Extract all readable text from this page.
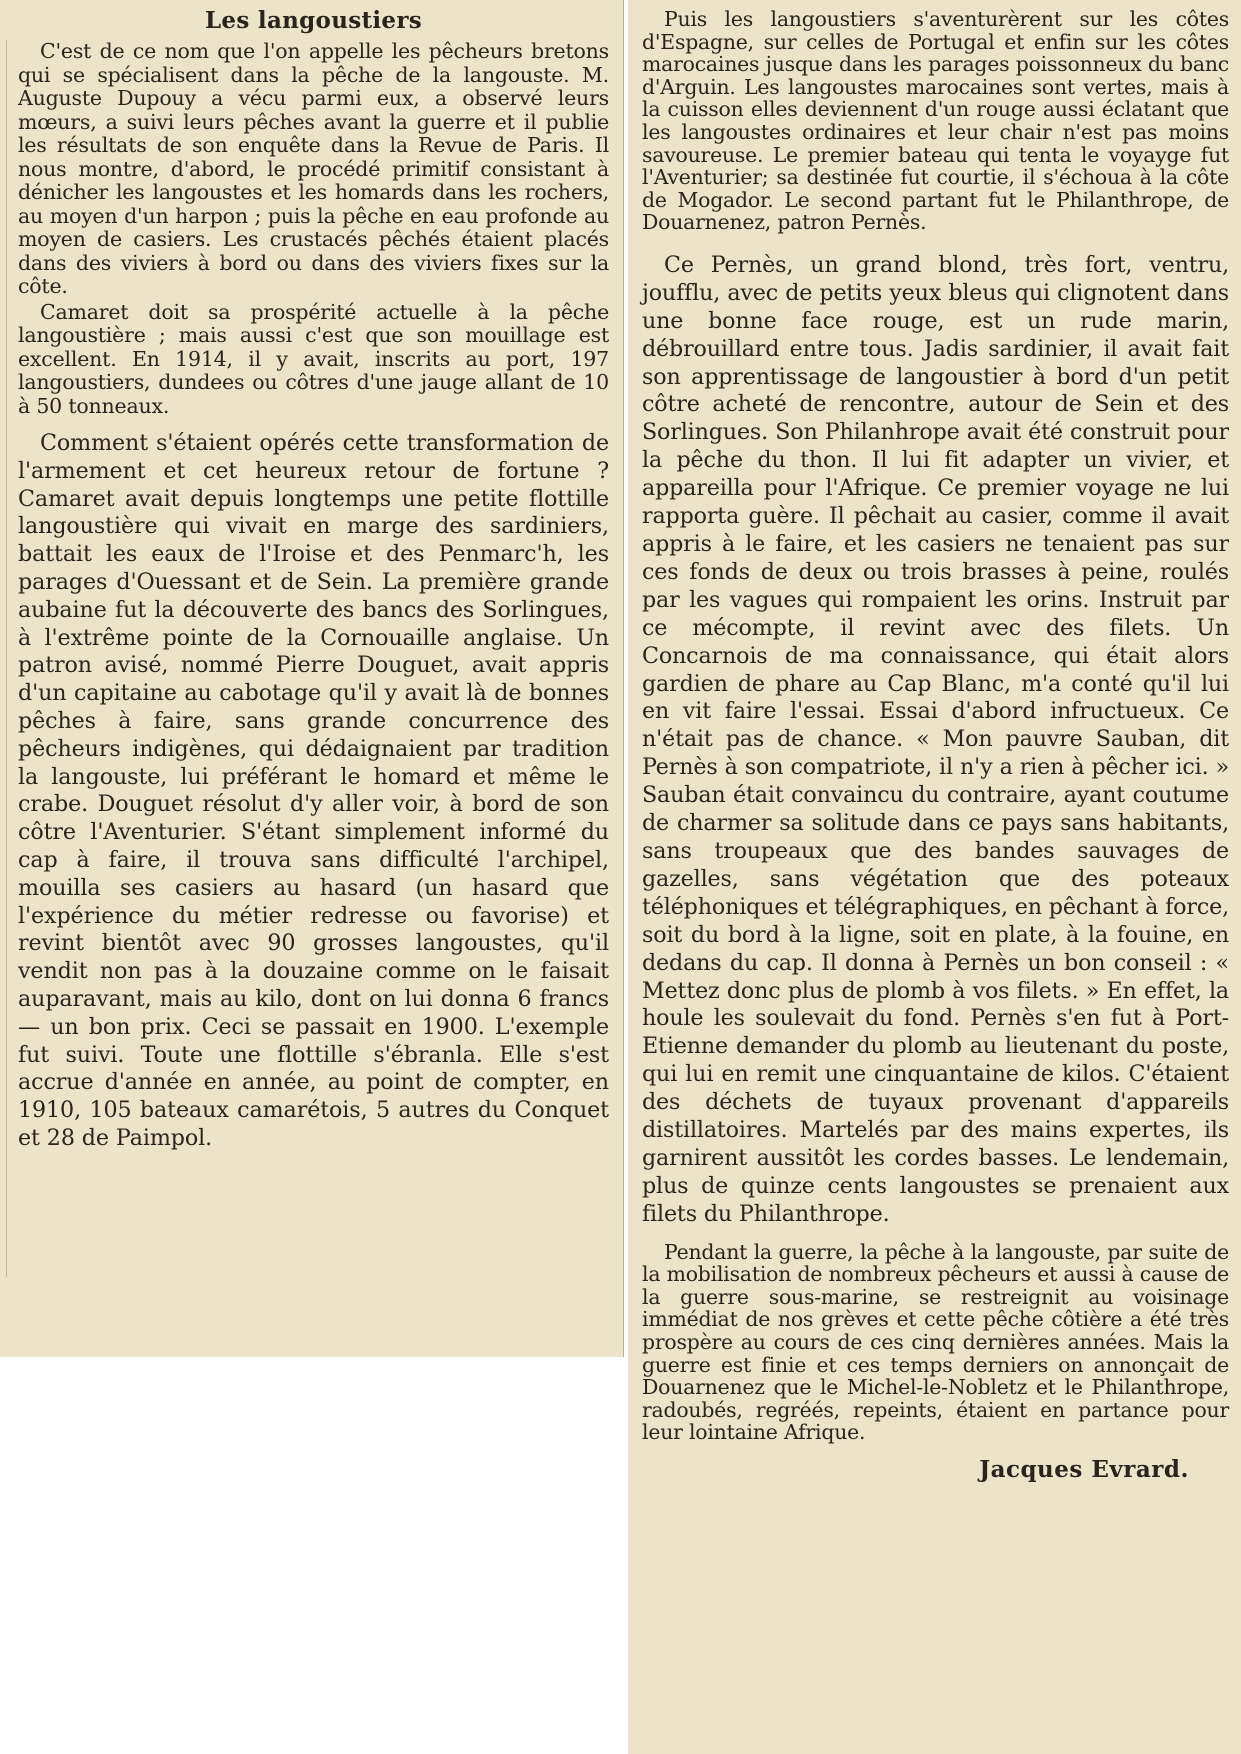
Les langoustiers

C'est de ce nom que l'on appelle les pêcheurs bretons qui se spécialisent dans la pêche de la langouste. M. Auguste Dupouy a vécu parmi eux, a observé leurs mœurs, a suivi leurs pêches avant la guerre et il publie les résultats de son enquête dans la Revue de Paris. Il nous montre, d'abord, le procédé primitif consistant à dénicher les langoustes et les homards dans les rochers, au moyen d'un harpon ; puis la pêche en eau profonde au moyen de casiers. Les crustacés pêchés étaient placés dans des viviers à bord ou dans des viviers fixes sur la côte.

Camaret doit sa prospérité actuelle à la pêche langoustière ; mais aussi c'est que son mouillage est excellent. En 1914, il y avait, inscrits au port, 197 langoustiers, dundees ou côtres d'une jauge allant de 10 à 50 tonneaux.

Comment s'étaient opérés cette transformation de l'armement et cet heureux retour de fortune ? Camaret avait depuis longtemps une petite flottille langoustière qui vivait en marge des sardiniers, battait les eaux de l'Iroise et des Penmarc'h, les parages d'Ouessant et de Sein. La première grande aubaine fut la découverte des bancs des Sorlingues, à l'extrême pointe de la Cornouaille anglaise. Un patron avisé, nommé Pierre Douguet, avait appris d'un capitaine au cabotage qu'il y avait là de bonnes pêches à faire, sans grande concurrence des pêcheurs indigènes, qui dédaignaient par tradition la langouste, lui préférant le homard et même le crabe. Douguet résolut d'y aller voir, à bord de son côtre l'Aventurier. S'étant simplement informé du cap à faire, il trouva sans difficulté l'archipel, mouilla ses casiers au hasard (un hasard que l'expérience du métier redresse ou favorise) et revint bientôt avec 90 grosses langoustes, qu'il vendit non pas à la douzaine comme on le faisait auparavant, mais au kilo, dont on lui donna 6 francs — un bon prix. Ceci se passait en 1900. L'exemple fut suivi. Toute une flottille s'ébranla. Elle s'est accrue d'année en année, au point de compter, en 1910, 105 bateaux camarétois, 5 autres du Conquet et 28 de Paimpol.

Puis les langoustiers s'aventurèrent sur les côtes d'Espagne, sur celles de Portugal et enfin sur les côtes marocaines jusque dans les parages poissonneux du banc d'Arguin. Les langoustes marocaines sont vertes, mais à la cuisson elles deviennent d'un rouge aussi éclatant que les langoustes ordinaires et leur chair n'est pas moins savoureuse. Le premier bateau qui tenta le voyayge fut l'Aventurier; sa destinée fut courtie, il s'échoua à la côte de Mogador. Le second partant fut le Philanthrope, de Douarnenez, patron Pernès.

Ce Pernès, un grand blond, très fort, ventru, joufflu, avec de petits yeux bleus qui clignotent dans une bonne face rouge, est un rude marin, débrouillard entre tous. Jadis sardinier, il avait fait son apprentissage de langoustier à bord d'un petit côtre acheté de rencontre, autour de Sein et des Sorlingues. Son Philanhrope avait été construit pour la pêche du thon. Il lui fit adapter un vivier, et appareilla pour l'Afrique. Ce premier voyage ne lui rapporta guère. Il pêchait au casier, comme il avait appris à le faire, et les casiers ne tenaient pas sur ces fonds de deux ou trois brasses à peine, roulés par les vagues qui rompaient les orins. Instruit par ce mécompte, il revint avec des filets. Un Concarnois de ma connaissance, qui était alors gardien de phare au Cap Blanc, m'a conté qu'il lui en vit faire l'essai. Essai d'abord infructueux. Ce n'était pas de chance. « Mon pauvre Sauban, dit Pernès à son compatriote, il n'y a rien à pêcher ici. » Sauban était convaincu du contraire, ayant coutume de charmer sa solitude dans ce pays sans habitants, sans troupeaux que des bandes sauvages de gazelles, sans végétation que des poteaux téléphoniques et télégraphiques, en pêchant à force, soit du bord à la ligne, soit en plate, à la fouine, en dedans du cap. Il donna à Pernès un bon conseil : « Mettez donc plus de plomb à vos filets. » En effet, la houle les soulevait du fond. Pernès s'en fut à Port-Etienne demander du plomb au lieutenant du poste, qui lui en remit une cinquantaine de kilos. C'étaient des déchets de tuyaux provenant d'appareils distillatoires. Martelés par des mains expertes, ils garnirent aussitôt les cordes basses. Le lendemain, plus de quinze cents langoustes se prenaient aux filets du Philanthrope.

Pendant la guerre, la pêche à la langouste, par suite de la mobilisation de nombreux pêcheurs et aussi à cause de la guerre sous-marine, se restreignit au voisinage immédiat de nos grèves et cette pêche côtière a été très prospère au cours de ces cinq dernières années. Mais la guerre est finie et ces temps derniers on annonçait de Douarnenez que le Michel-le-Nobletz et le Philanthrope, radoubés, regréés, repeints, étaient en partance pour leur lointaine Afrique.

Jacques Evrard.
